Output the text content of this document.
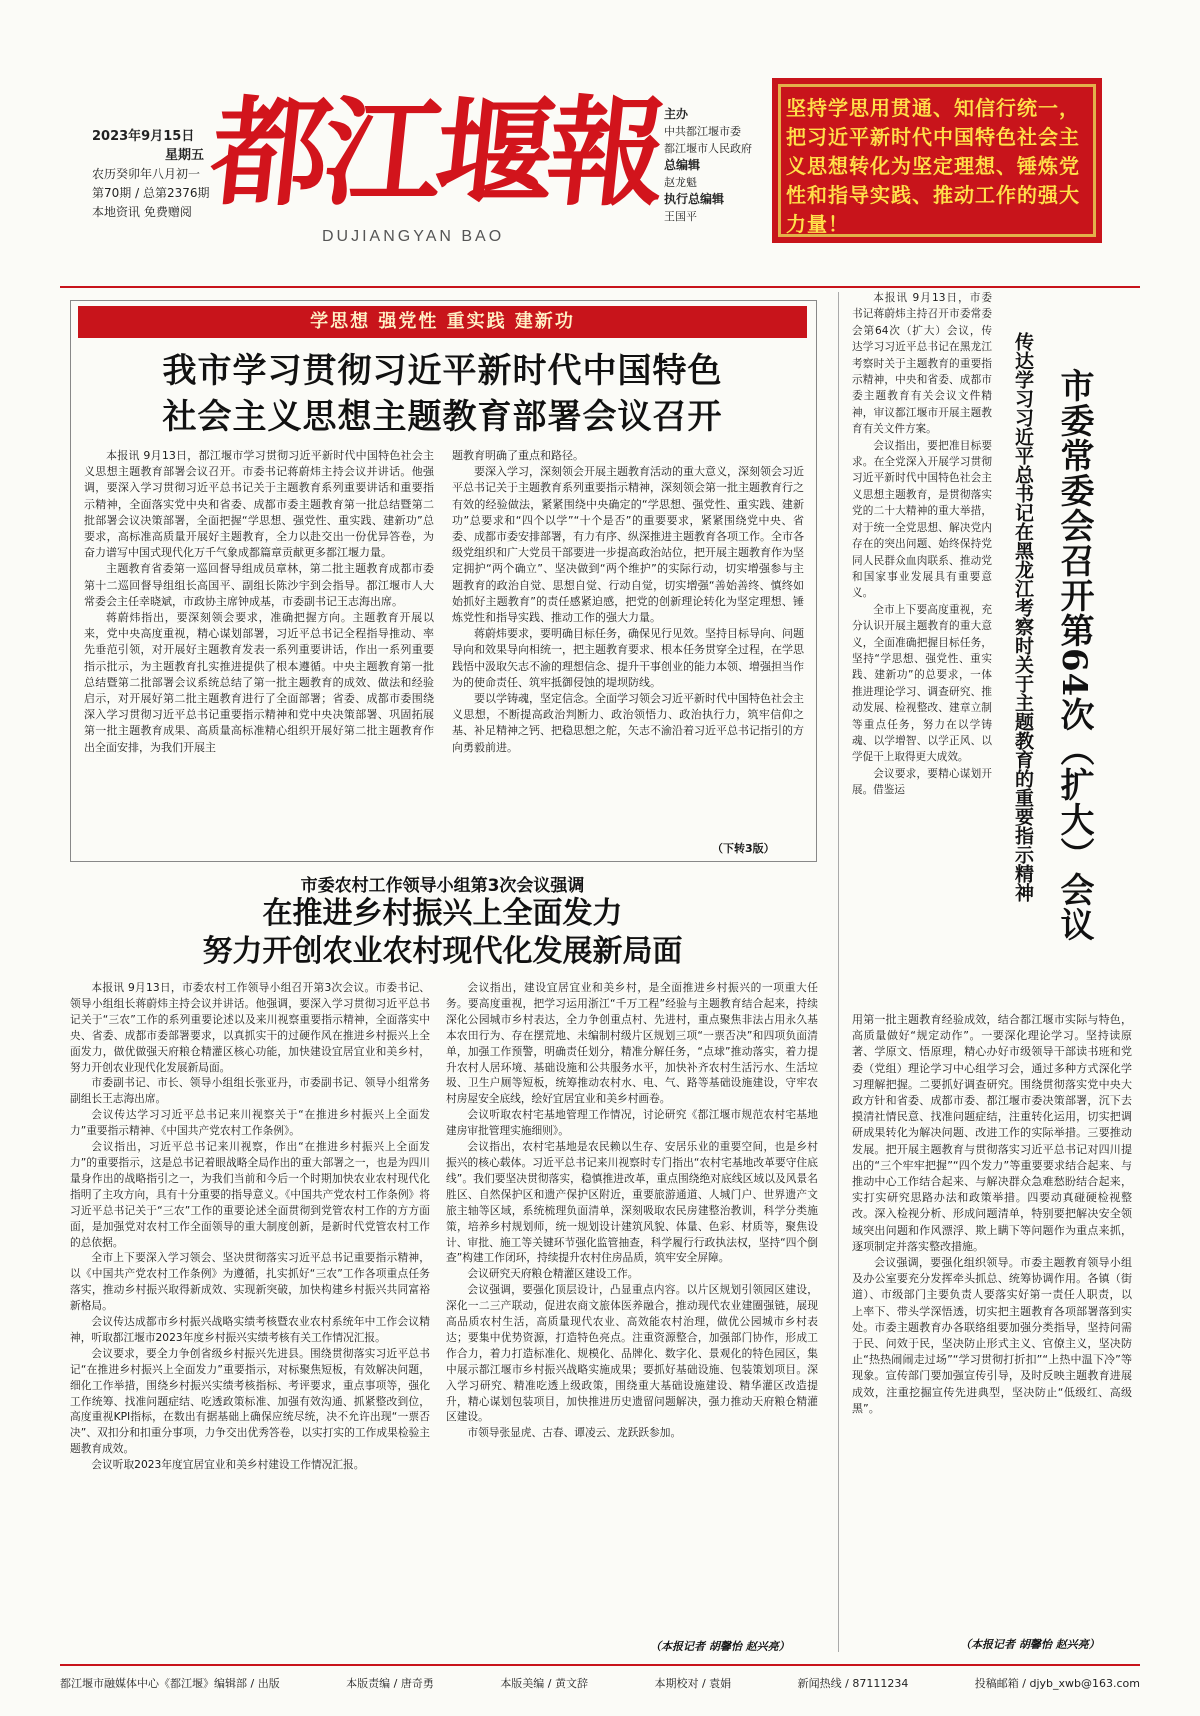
2023年9月15日
星期五
农历癸卯年八月初一
第70期 / 总第2376期
本地资讯 免费赠阅 都江堰報
DUJIANGYAN BAO
主办
中共都江堰市委
都江堰市人民政府
总编辑
赵龙魁
执行总编辑
王国平
坚持学思用贯通、知信行统一，把习近平新时代中国特色社会主义思想转化为坚定理想、锤炼党性和指导实践、推动工作的强大力量！
学思想 强党性 重实践 建新功
我市学习贯彻习近平新时代中国特色
社会主义思想主题教育部署会议召开

本报讯 9月13日，都江堰市学习贯彻习近平新时代中国特色社会主义思想主题教育部署会议召开。市委书记蒋蔚炜主持会议并讲话。他强调，要深入学习贯彻习近平总书记关于主题教育系列重要讲话和重要指示精神，全面落实党中央和省委、成都市委主题教育第一批总结暨第二批部署会议决策部署，全面把握“学思想、强党性、重实践、建新功”总要求，高标准高质量开展好主题教育，全力以赴交出一份优异答卷，为奋力谱写中国式现代化万千气象成都篇章贡献更多都江堰力量。

主题教育省委第一巡回督导组成员章林，第二批主题教育成都市委第十二巡回督导组组长高国平、副组长陈沙宇到会指导。都江堰市人大常委会主任幸晓斌，市政协主席钟成基，市委副书记王志海出席。

蒋蔚炜指出，要深刻领会要求，准确把握方向。主题教育开展以来，党中央高度重视，精心谋划部署，习近平总书记全程指导推动、率先垂范引领，对开展好主题教育发表一系列重要讲话，作出一系列重要指示批示，为主题教育扎实推进提供了根本遵循。中央主题教育第一批总结暨第二批部署会议系统总结了第一批主题教育的成效、做法和经验启示，对开展好第二批主题教育进行了全面部署；省委、成都市委围绕深入学习贯彻习近平总书记重要指示精神和党中央决策部署、巩固拓展第一批主题教育成果、高质量高标准精心组织开展好第二批主题教育作出全面安排，为我们开展主

题教育明确了重点和路径。

要深入学习，深刻领会开展主题教育活动的重大意义，深刻领会习近平总书记关于主题教育系列重要指示精神，深刻领会第一批主题教育行之有效的经验做法，紧紧围绕中央确定的“学思想、强党性、重实践、建新功”总要求和“四个以学”“十个是否”的重要要求，紧紧围绕党中央、省委、成都市委安排部署，有力有序、纵深推进主题教育各项工作。全市各级党组织和广大党员干部要进一步提高政治站位，把开展主题教育作为坚定拥护“两个确立”、坚决做到“两个维护”的实际行动，切实增强参与主题教育的政治自觉、思想自觉、行动自觉，切实增强“善始善终、慎终如始抓好主题教育”的责任感紧迫感，把党的创新理论转化为坚定理想、锤炼党性和指导实践、推动工作的强大力量。

蒋蔚炜要求，要明确目标任务，确保见行见效。坚持目标导向、问题导向和效果导向相统一，把主题教育要求、根本任务贯穿全过程，在学思践悟中汲取矢志不渝的理想信念、提升干事创业的能力本领、增强担当作为的使命责任、筑牢抵御侵蚀的堤坝防线。

要以学铸魂，坚定信念。全面学习领会习近平新时代中国特色社会主义思想，不断提高政治判断力、政治领悟力、政治执行力，筑牢信仰之基、补足精神之钙、把稳思想之舵，矢志不渝沿着习近平总书记指引的方向勇毅前进。

（下转3版）	市委常委会召开第64次（扩大）会议
传达学习习近平总书记在黑龙江考察时关于主题教育的重要指示精神

本报讯 9月13日，市委书记蒋蔚炜主持召开市委常委会第64次（扩大）会议，传达学习习近平总书记在黑龙江考察时关于主题教育的重要指示精神，中央和省委、成都市委主题教育有关会议文件精神，审议都江堰市开展主题教育有关文件方案。

会议指出，要把准目标要求。在全党深入开展学习贯彻习近平新时代中国特色社会主义思想主题教育，是贯彻落实党的二十大精神的重大举措，对于统一全党思想、解决党内存在的突出问题、始终保持党同人民群众血肉联系、推动党和国家事业发展具有重要意义。

全市上下要高度重视，充分认识开展主题教育的重大意义，全面准确把握目标任务，坚持“学思想、强党性、重实践、建新功”的总要求，一体推进理论学习、调查研究、推动发展、检视整改、建章立制等重点任务，努力在以学铸魂、以学增智、以学正风、以学促干上取得更大成效。

会议要求，要精心谋划开展。借鉴运

用第一批主题教育经验成效，结合都江堰市实际与特色，高质量做好“规定动作”。一要深化理论学习。坚持读原著、学原文、悟原理，精心办好市级领导干部读书班和党委（党组）理论学习中心组学习会，通过多种方式深化学习理解把握。二要抓好调查研究。围绕贯彻落实党中央大政方针和省委、成都市委、都江堰市委决策部署，沉下去摸清社情民意、找准问题症结，注重转化运用，切实把调研成果转化为解决问题、改进工作的实际举措。三要推动发展。把开展主题教育与贯彻落实习近平总书记对四川提出的“三个牢牢把握”“四个发力”等重要要求结合起来、与推动中心工作结合起来、与解决群众急难愁盼结合起来，实打实研究思路办法和政策举措。四要动真碰硬检视整改。深入检视分析、形成问题清单，特别要把解决安全领域突出问题和作风漂浮、欺上瞒下等问题作为重点来抓，逐项制定并落实整改措施。

会议强调，要强化组织领导。市委主题教育领导小组及办公室要充分发挥牵头抓总、统筹协调作用。各镇（街道）、市级部门主要负责人要落实好第一责任人职责，以上率下、带头学深悟透，切实把主题教育各项部署落到实处。市委主题教育办各联络组要加强分类指导，坚持问需于民、问效于民，坚决防止形式主义、官僚主义，坚决防止“热热闹闹走过场”“学习贯彻打折扣”“上热中温下冷”等现象。宣传部门要加强宣传引导，及时反映主题教育进展成效，注重挖掘宣传先进典型，坚决防止“低级红、高级黑”。

（本报记者 胡馨怡 赵兴亮）
市委农村工作领导小组第3次会议强调
在推进乡村振兴上全面发力
努力开创农业农村现代化发展新局面

本报讯 9月13日，市委农村工作领导小组召开第3次会议。市委书记、领导小组组长蒋蔚炜主持会议并讲话。他强调，要深入学习贯彻习近平总书记关于“三农”工作的系列重要论述以及来川视察重要指示精神，全面落实中央、省委、成都市委部署要求，以真抓实干的过硬作风在推进乡村振兴上全面发力，做优做强天府粮仓精灌区核心功能，加快建设宜居宜业和美乡村，努力开创农业现代化发展新局面。

市委副书记、市长、领导小组组长张亚丹，市委副书记、领导小组常务副组长王志海出席。

会议传达学习习近平总书记来川视察关于“在推进乡村振兴上全面发力”重要指示精神、《中国共产党农村工作条例》。

会议指出，习近平总书记来川视察，作出“在推进乡村振兴上全面发力”的重要指示，这是总书记着眼战略全局作出的重大部署之一，也是为四川量身作出的战略指引之一，为我们当前和今后一个时期加快农业农村现代化指明了主攻方向，具有十分重要的指导意义。《中国共产党农村工作条例》将习近平总书记关于“三农”工作的重要论述全面贯彻到党管农村工作的方方面面，是加强党对农村工作全面领导的重大制度创新，是新时代党管农村工作的总依据。

全市上下要深入学习领会、坚决贯彻落实习近平总书记重要指示精神，以《中国共产党农村工作条例》为遵循，扎实抓好“三农”工作各项重点任务落实，推动乡村振兴取得新成效、实现新突破，加快构建乡村振兴共同富裕新格局。

会议传达成都市乡村振兴战略实绩考核暨农业农村系统年中工作会议精神，听取都江堰市2023年度乡村振兴实绩考核有关工作情况汇报。

会议要求，要全力争创省级乡村振兴先进县。围绕贯彻落实习近平总书记“在推进乡村振兴上全面发力”重要指示，对标聚焦短板，有效解决问题，细化工作举措，围绕乡村振兴实绩考核指标、考评要求，重点事项等，强化工作统筹、找准问题症结、吃透政策标准、加强有效沟通、抓紧整改到位，高度重视KPI指标，在数出有据基础上确保应统尽统，决不允许出现“一票否决”、双扣分和扣重分事项，力争交出优秀答卷，以实打实的工作成果检验主题教育成效。

会议听取2023年度宜居宜业和美乡村建设工作情况汇报。

会议指出，建设宜居宜业和美乡村，是全面推进乡村振兴的一项重大任务。要高度重视，把学习运用浙江“千万工程”经验与主题教育结合起来，持续深化公园城市乡村表达，全力争创重点村、先进村，重点聚焦非法占用永久基本农田行为、存在摆荒地、未编制村级片区规划三项“一票否决”和四项负面清单，加强工作预警，明确责任划分，精准分解任务，“点球”推动落实，着力提升农村人居环境、基础设施和公共服务水平，加快补齐农村生活污水、生活垃圾、卫生户厕等短板，统筹推动农村水、电、气、路等基础设施建设，守牢农村房屋安全底线，绘好宜居宜业和美乡村画卷。

会议听取农村宅基地管理工作情况，讨论研究《都江堰市规范农村宅基地建房审批管理实施细则》。

会议指出，农村宅基地是农民赖以生存、安居乐业的重要空间，也是乡村振兴的核心载体。习近平总书记来川视察时专门指出“农村宅基地改革要守住底线”。我们要坚决贯彻落实，稳慎推进改革，重点围绕绝对底线区域以及风景名胜区、自然保护区和遗产保护区附近，重要旅游通道、人城门户、世界遗产文旅主轴等区域，系统梳理负面清单，深刻吸取农民房建整治教训，科学分类施策，培养乡村规划师，统一规划设计建筑风貌、体量、色彩、材质等，聚焦设计、审批、施工等关键环节强化监管抽查，科学履行行政执法权，坚持“四个倒查”构建工作闭环，持续提升农村住房品质，筑牢安全屏障。

会议研究天府粮仓精灌区建设工作。

会议强调，要强化顶层设计，凸显重点内容。以片区规划引领园区建设，深化一二三产联动，促进农商文旅体医养融合，推动现代农业建圈强链，展现高品质农村生活，高质量现代农业、高效能农村治理，做优公园城市乡村表达；要集中优势资源，打造特色亮点。注重资源整合，加强部门协作，形成工作合力，着力打造标准化、规模化、品牌化、数字化、景观化的特色园区，集中展示都江堰市乡村振兴战略实施成果；要抓好基础设施、包装策划项目。深入学习研究、精准吃透上级政策，围绕重大基础设施建设、精华灌区改造提升，精心谋划包装项目，加快推进历史遗留问题解决，强力推动天府粮仓精灌区建设。

市领导张显虎、古春、谭凌云、龙跃跃参加。

（本报记者 胡馨怡 赵兴亮）
都江堰市融媒体中心《都江堰》编辑部 / 出版	本版责编 / 唐奇勇	本版美编 / 黄文辞	本期校对 / 袁娟	新闻热线 / 87111234	投稿邮箱 / djyb_xwb@163.com
